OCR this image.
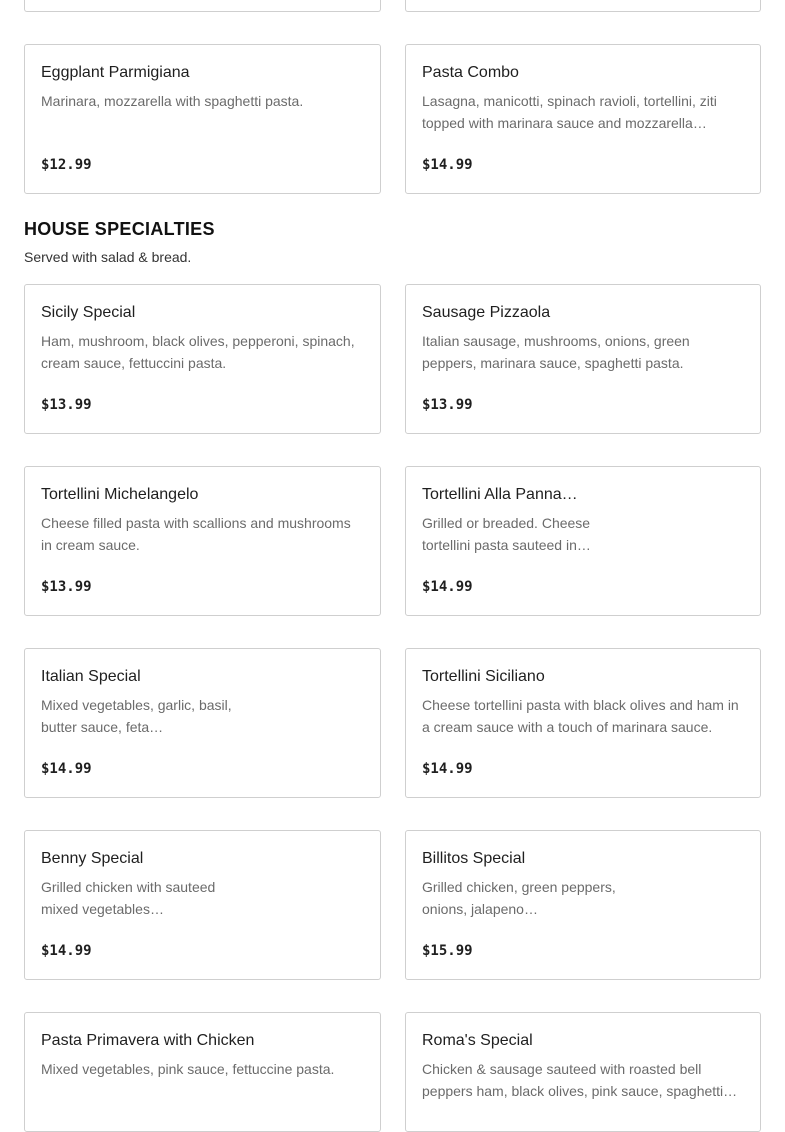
Eggplant Parmigiana
Marinara, mozzarella with spaghetti pasta.
$12.99
Pasta Combo
Lasagna, manicotti, spinach ravioli, tortellini, ziti topped with marinara sauce and mozzarella…
$14.99
HOUSE SPECIALTIES
Served with salad & bread.
Sicily Special
Ham, mushroom, black olives, pepperoni, spinach, cream sauce, fettuccini pasta.
$13.99
Sausage Pizzaola
Italian sausage, mushrooms, onions, green peppers, marinara sauce, spaghetti pasta.
$13.99
Tortellini Michelangelo
Cheese filled pasta with scallions and mushrooms in cream sauce.
$13.99
Tortellini Alla Panna…
Grilled or breaded. Cheese tortellini pasta sauteed in…
$14.99
Italian Special
Mixed vegetables, garlic, basil, butter sauce, feta…
$14.99
Tortellini Siciliano
Cheese tortellini pasta with black olives and ham in a cream sauce with a touch of marinara sauce.
$14.99
Benny Special
Grilled chicken with sauteed mixed vegetables…
$14.99
Billitos Special
Grilled chicken, green peppers, onions, jalapeno…
$15.99
Pasta Primavera with Chicken
Mixed vegetables, pink sauce, fettuccine pasta.
Roma's Special
Chicken & sausage sauteed with roasted bell peppers ham, black olives, pink sauce, spaghetti…
